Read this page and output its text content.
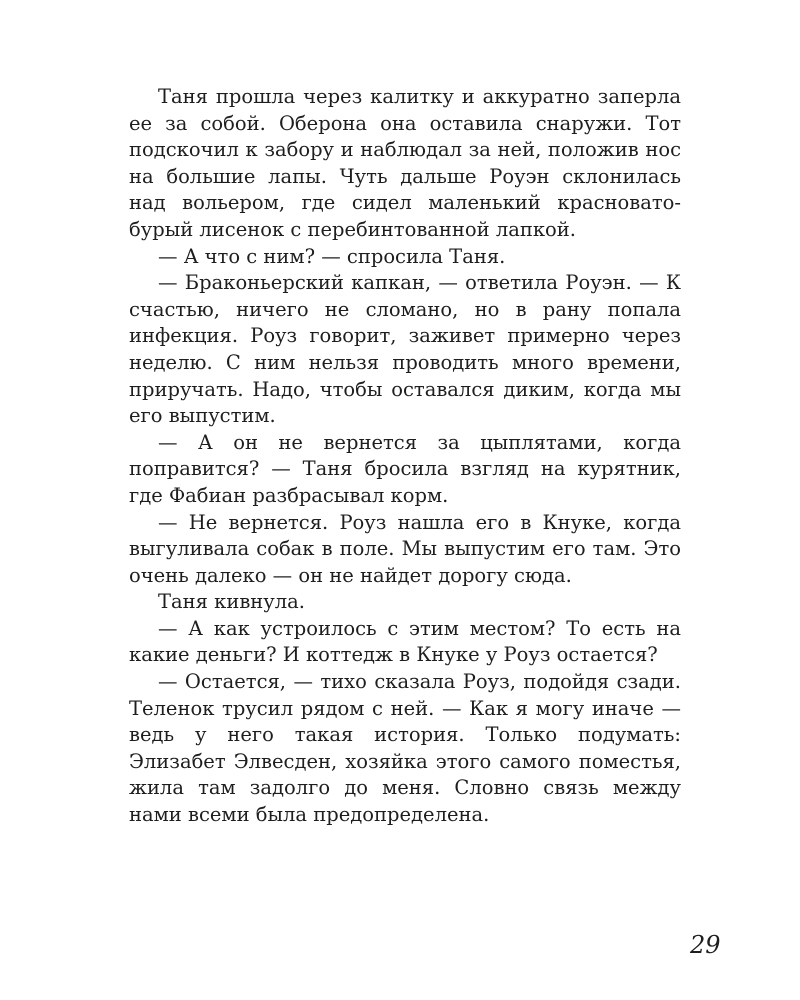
Таня прошла через калитку и аккуратно заперла ее за собой. Оберона она оставила снаружи. Тот подскочил к забору и наблюдал за ней, положив нос на большие лапы. Чуть дальше Роуэн склонилась над вольером, где сидел маленький красновато-бурый лисенок с перебинтованной лапкой.

— А что с ним? — спросила Таня.

— Браконьерский капкан, — ответила Роуэн. — К счастью, ничего не сломано, но в рану попала инфекция. Роуз говорит, заживет примерно через неделю. С ним нельзя проводить много времени, приручать. Надо, чтобы оставался диким, когда мы его выпустим.

— А он не вернется за цыплятами, когда поправится? — Таня бросила взгляд на курятник, где Фабиан разбрасывал корм.

— Не вернется. Роуз нашла его в Кнуке, когда выгуливала собак в поле. Мы выпустим его там. Это очень далеко — он не найдет дорогу сюда.

Таня кивнула.

— А как устроилось с этим местом? То есть на какие деньги? И коттедж в Кнуке у Роуз остается?

— Остается, — тихо сказала Роуз, подойдя сзади. Теленок трусил рядом с ней. — Как я могу иначе — ведь у него такая история. Только подумать: Элизабет Элвесден, хозяйка этого самого поместья, жила там задолго до меня. Словно связь между нами всеми была предопределена.

29
